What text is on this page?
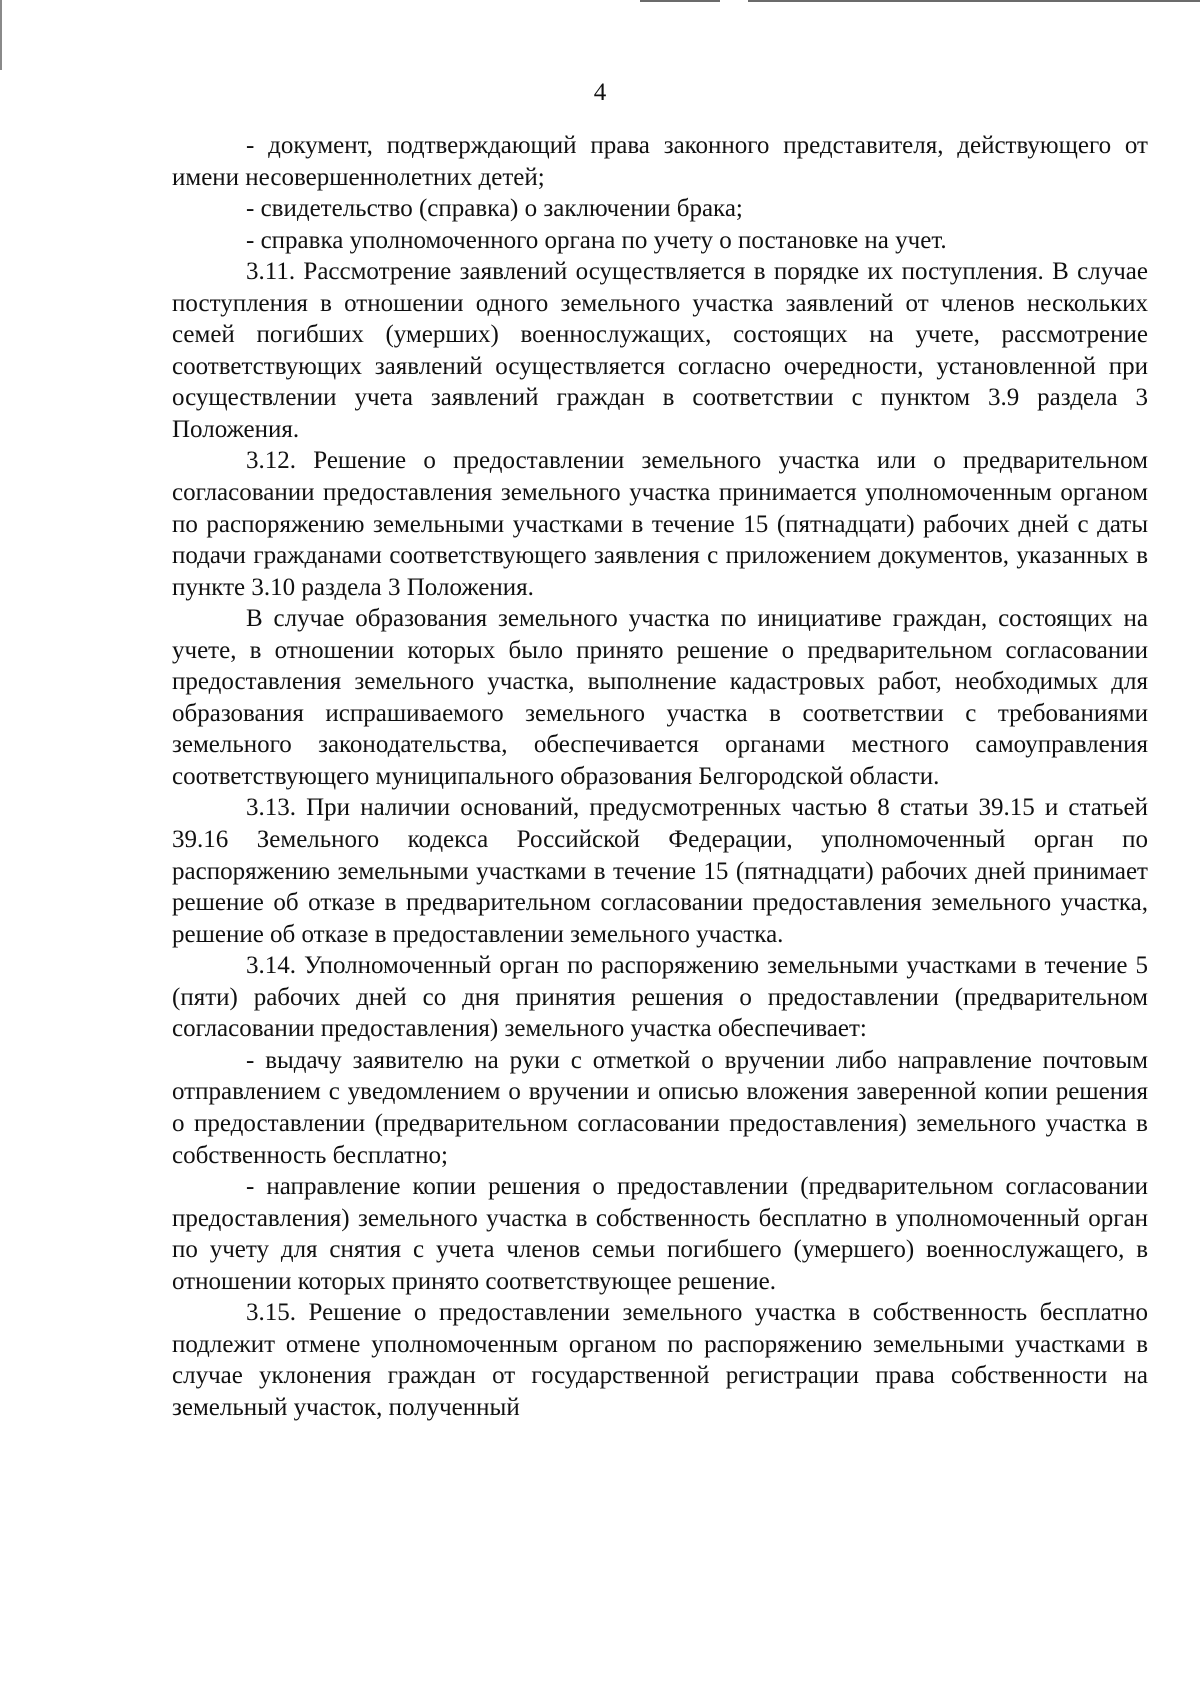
4

- документ, подтверждающий права законного представителя, действующего от имени несовершеннолетних детей;

- свидетельство (справка) о заключении брака;

- справка уполномоченного органа по учету о постановке на учет.

3.11. Рассмотрение заявлений осуществляется в порядке их поступления. В случае поступления в отношении одного земельного участка заявлений от членов нескольких семей погибших (умерших) военнослужащих, состоящих на учете, рассмотрение соответствующих заявлений осуществляется согласно очередности, установленной при осуществлении учета заявлений граждан в соответствии с пунктом 3.9 раздела 3 Положения.

3.12. Решение о предоставлении земельного участка или о предварительном согласовании предоставления земельного участка принимается уполномоченным органом по распоряжению земельными участками в течение 15 (пятнадцати) рабочих дней с даты подачи гражданами соответствующего заявления с приложением документов, указанных в пункте 3.10 раздела 3 Положения.

В случае образования земельного участка по инициативе граждан, состоящих на учете, в отношении которых было принято решение о предварительном согласовании предоставления земельного участка, выполнение кадастровых работ, необходимых для образования испрашиваемого земельного участка в соответствии с требованиями земельного законодательства, обеспечивается органами местного самоуправления соответствующего муниципального образования Белгородской области.

3.13. При наличии оснований, предусмотренных частью 8 статьи 39.15 и статьей 39.16 Земельного кодекса Российской Федерации, уполномоченный орган по распоряжению земельными участками в течение 15 (пятнадцати) рабочих дней принимает решение об отказе в предварительном согласовании предоставления земельного участка, решение об отказе в предоставлении земельного участка.

3.14. Уполномоченный орган по распоряжению земельными участками в течение 5 (пяти) рабочих дней со дня принятия решения о предоставлении (предварительном согласовании предоставления) земельного участка обеспечивает:

- выдачу заявителю на руки с отметкой о вручении либо направление почтовым отправлением с уведомлением о вручении и описью вложения заверенной копии решения о предоставлении (предварительном согласовании предоставления) земельного участка в собственность бесплатно;

- направление копии решения о предоставлении (предварительном согласовании предоставления) земельного участка в собственность бесплатно в уполномоченный орган по учету для снятия с учета членов семьи погибшего (умершего) военнослужащего, в отношении которых принято соответствующее решение.

3.15. Решение о предоставлении земельного участка в собственность бесплатно подлежит отмене уполномоченным органом по распоряжению земельными участками в случае уклонения граждан от государственной регистрации права собственности на земельный участок, полученный
